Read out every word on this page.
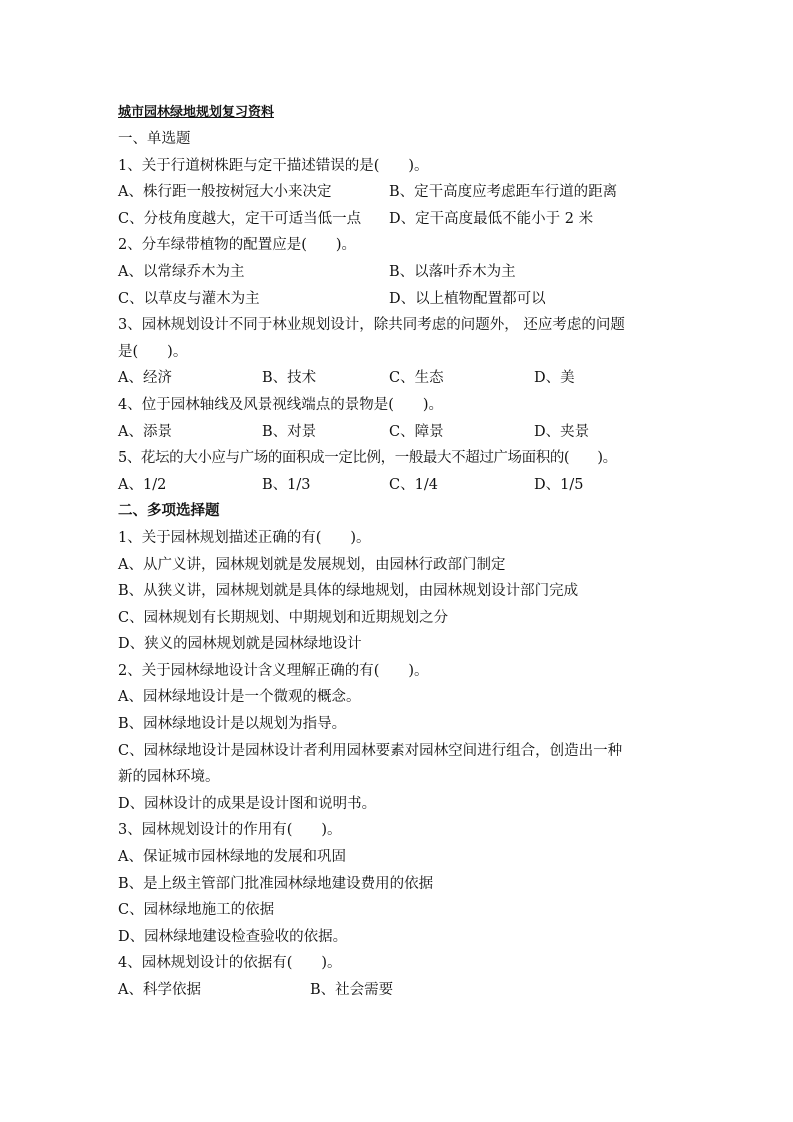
城市园林绿地规划复习资料
一、单选题
1、关于行道树株距与定干描述错误的是(　　)。
A、株行距一般按树冠大小来决定	B、定干高度应考虑距车行道的距离
C、分枝角度越大，定干可适当低一点 D、定干高度最低不能小于 2 米
2、分车绿带植物的配置应是(　　)。
A、以常绿乔木为主	B、以落叶乔木为主
C、以草皮与灌木为主	D、以上植物配置都可以
3、园林规划设计不同于林业规划设计，除共同考虑的问题外， 还应考虑的问题
是(　　)。
A、经济	B、技术	C、生态	D、美
4、位于园林轴线及风景视线端点的景物是(　　)。
A、添景	B、对景	C、障景	D、夹景
5、花坛的大小应与广场的面积成一定比例，一般最大不超过广场面积的(　　)。
A、1/2	B、1/3	C、1/4	D、1/5
二、多项选择题
1、关于园林规划描述正确的有(　　)。
A、从广义讲，园林规划就是发展规划，由园林行政部门制定
B、从狭义讲，园林规划就是具体的绿地规划，由园林规划设计部门完成
C、园林规划有长期规划、中期规划和近期规划之分
D、狭义的园林规划就是园林绿地设计
2、关于园林绿地设计含义理解正确的有(　　)。
A、园林绿地设计是一个微观的概念。
B、园林绿地设计是以规划为指导。
C、园林绿地设计是园林设计者利用园林要素对园林空间进行组合，创造出一种
新的园林环境。
D、园林设计的成果是设计图和说明书。
3、园林规划设计的作用有(　　)。
A、保证城市园林绿地的发展和巩固
B、是上级主管部门批准园林绿地建设费用的依据
C、园林绿地施工的依据
D、园林绿地建设检查验收的依据。
4、园林规划设计的依据有(　　)。
A、科学依据	B、社会需要
